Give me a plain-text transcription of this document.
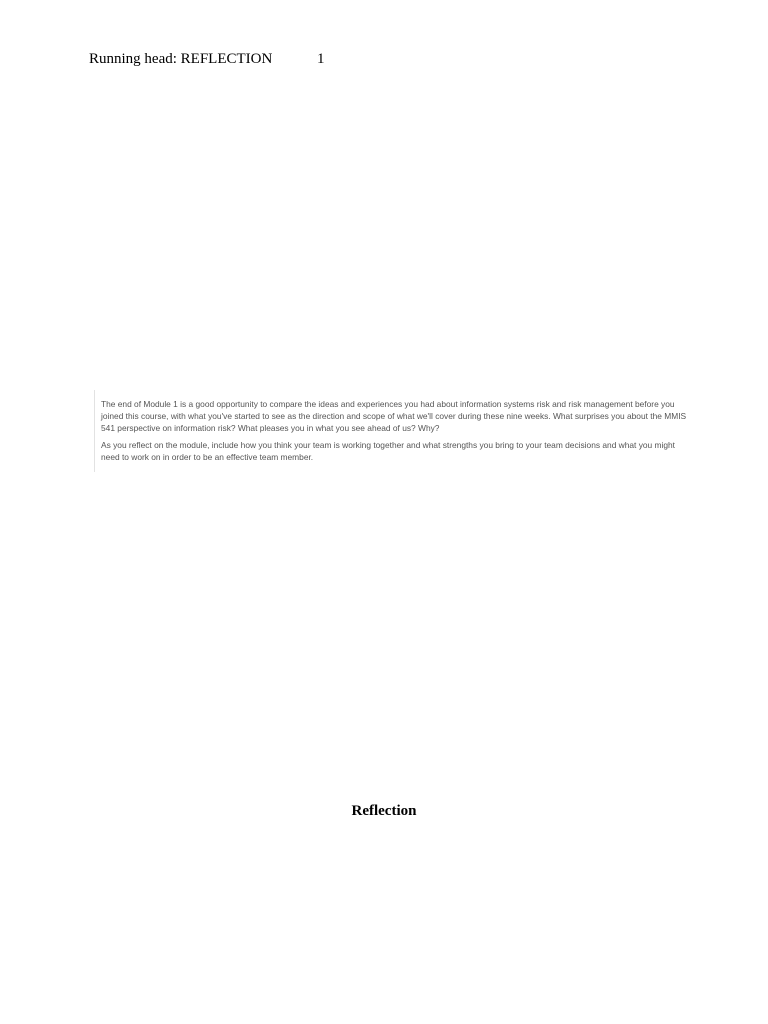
Running head: REFLECTION	1

The end of Module 1 is a good opportunity to compare the ideas and experiences you had about information systems risk and risk management before you joined this course, with what you've started to see as the direction and scope of what we'll cover during these nine weeks. What surprises you about the MMIS 541 perspective on information risk? What pleases you in what you see ahead of us? Why?

As you reflect on the module, include how you think your team is working together and what strengths you bring to your team decisions and what you might need to work on in order to be an effective team member.

Reflection
